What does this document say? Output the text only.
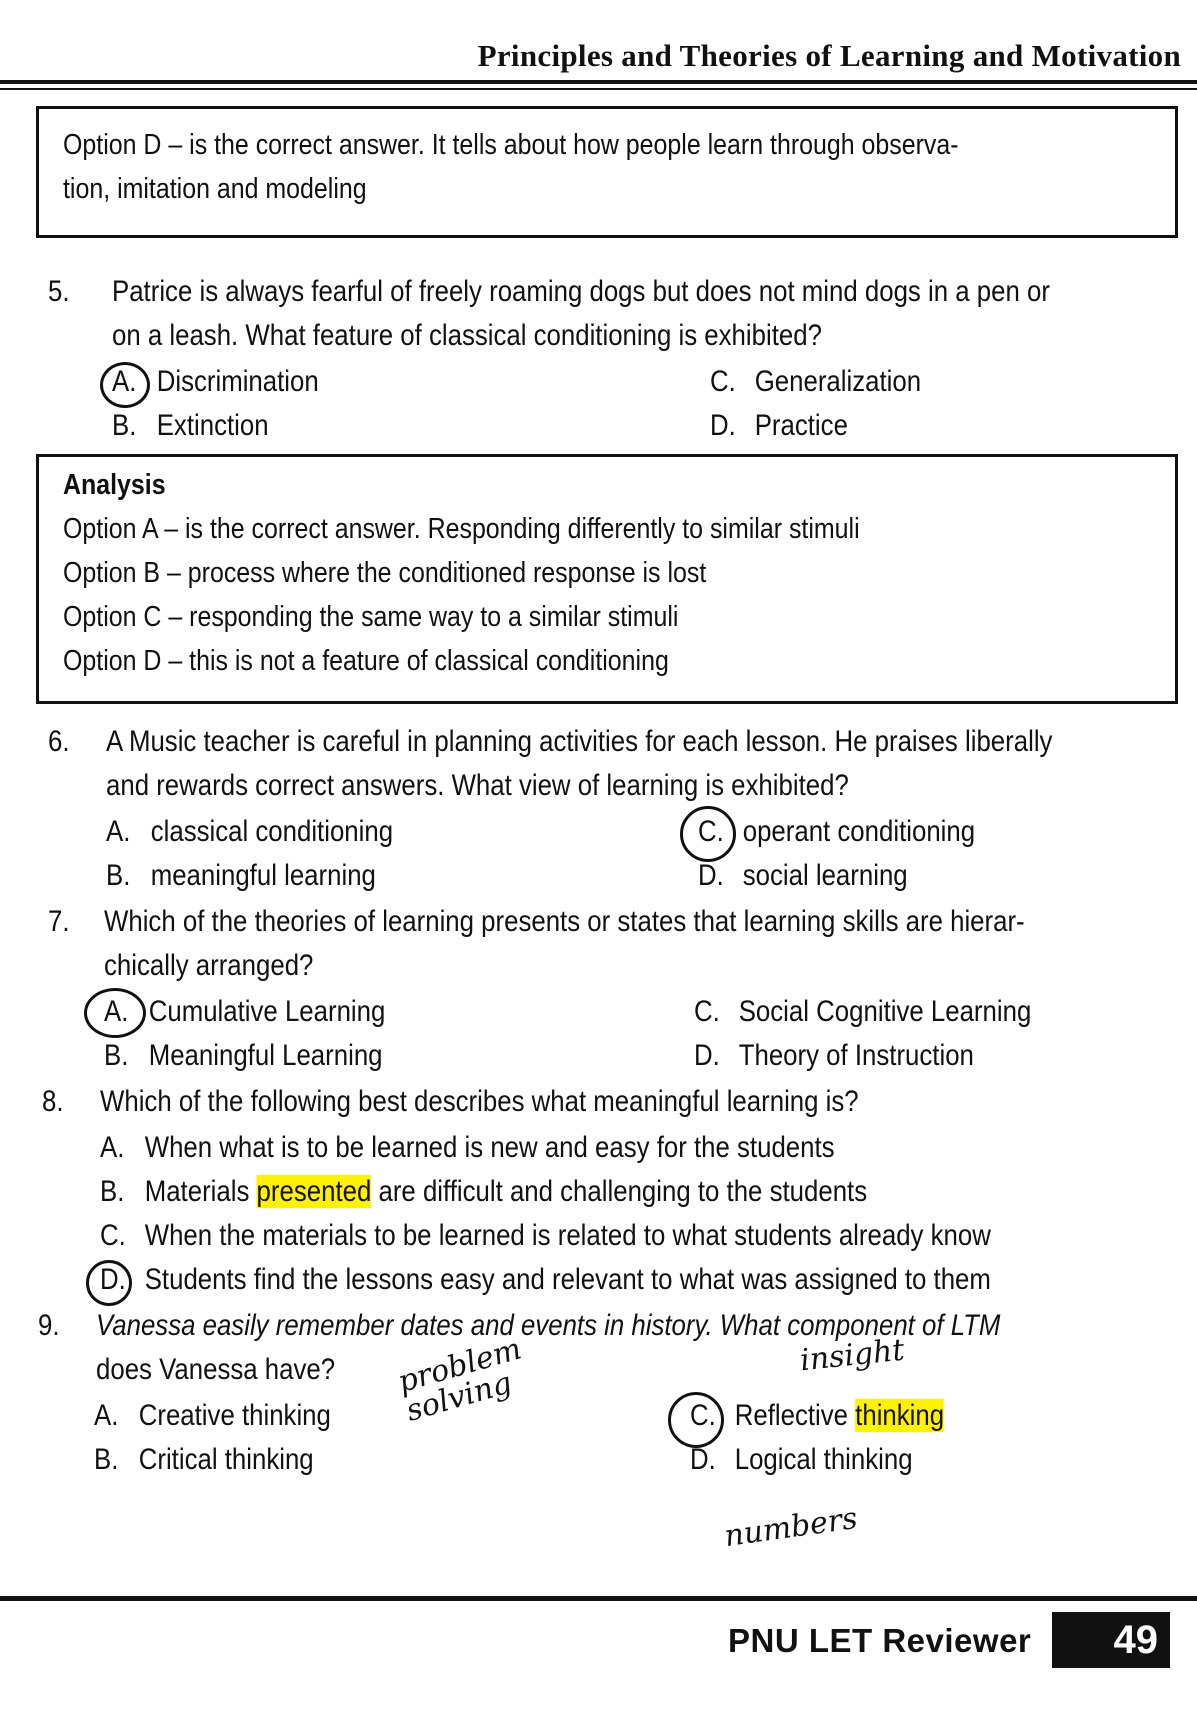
Principles and Theories of Learning and Motivation
Option D – is the correct answer. It tells about how people learn through observa-
tion, imitation and modeling
5. Patrice is always fearful of freely roaming dogs but does not mind dogs in a pen or
on a leash. What feature of classical conditioning is exhibited?
A. Discrimination
B. Extinction
C. Generalization
D. Practice
Analysis
Option A – is the correct answer. Responding differently to similar stimuli
Option B – process where the conditioned response is lost
Option C – responding the same way to a similar stimuli
Option D – this is not a feature of classical conditioning
6. A Music teacher is careful in planning activities for each lesson. He praises liberally
and rewards correct answers. What view of learning is exhibited?
A. classical conditioning
B. meaningful learning
C. operant conditioning
D. social learning
7. Which of the theories of learning presents or states that learning skills are hierar-
chically arranged?
A. Cumulative Learning
B. Meaningful Learning
C. Social Cognitive Learning
D. Theory of Instruction
8. Which of the following best describes what meaningful learning is?
A. When what is to be learned is new and easy for the students
B. Materials presented are difficult and challenging to the students
C. When the materials to be learned is related to what students already know
D. Students find the lessons easy and relevant to what was assigned to them
9. Vanessa easily remember dates and events in history. What component of LTM
does Vanessa have?
A. Creative thinking
B. Critical thinking
C. Reflective thinking
D. Logical thinking
problem solving
insight
numbers
PNU LET Reviewer	49
